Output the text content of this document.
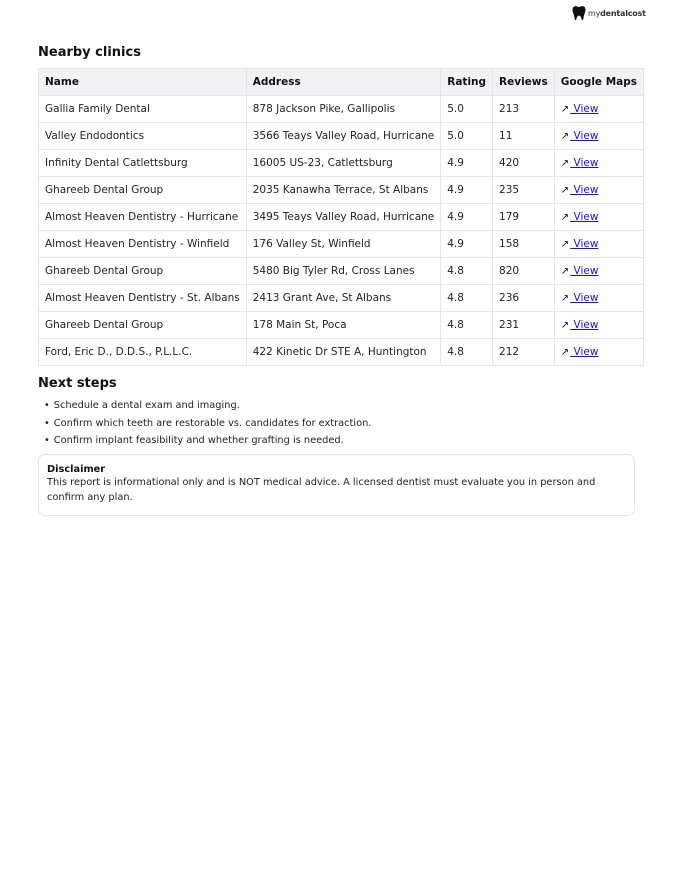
mydentalcost
Nearby clinics
Name	Address	Rating	Reviews	Google Maps
Gallia Family Dental	878 Jackson Pike, Gallipolis	5.0	213	↗ View
Valley Endodontics	3566 Teays Valley Road, Hurricane	5.0	11	↗ View
Infinity Dental Catlettsburg	16005 US-23, Catlettsburg	4.9	420	↗ View
Ghareeb Dental Group	2035 Kanawha Terrace, St Albans	4.9	235	↗ View
Almost Heaven Dentistry - Hurricane	3495 Teays Valley Road, Hurricane	4.9	179	↗ View
Almost Heaven Dentistry - Winfield	176 Valley St, Winfield	4.9	158	↗ View
Ghareeb Dental Group	5480 Big Tyler Rd, Cross Lanes	4.8	820	↗ View
Almost Heaven Dentistry - St. Albans	2413 Grant Ave, St Albans	4.8	236	↗ View
Ghareeb Dental Group	178 Main St, Poca	4.8	231	↗ View
Ford, Eric D., D.D.S., P.L.L.C.	422 Kinetic Dr STE A, Huntington	4.8	212	↗ View
Next steps
• Schedule a dental exam and imaging.
• Confirm which teeth are restorable vs. candidates for extraction.
• Confirm implant feasibility and whether grafting is needed.
Disclaimer
This report is informational only and is NOT medical advice. A licensed dentist must evaluate you in person and confirm any plan.
